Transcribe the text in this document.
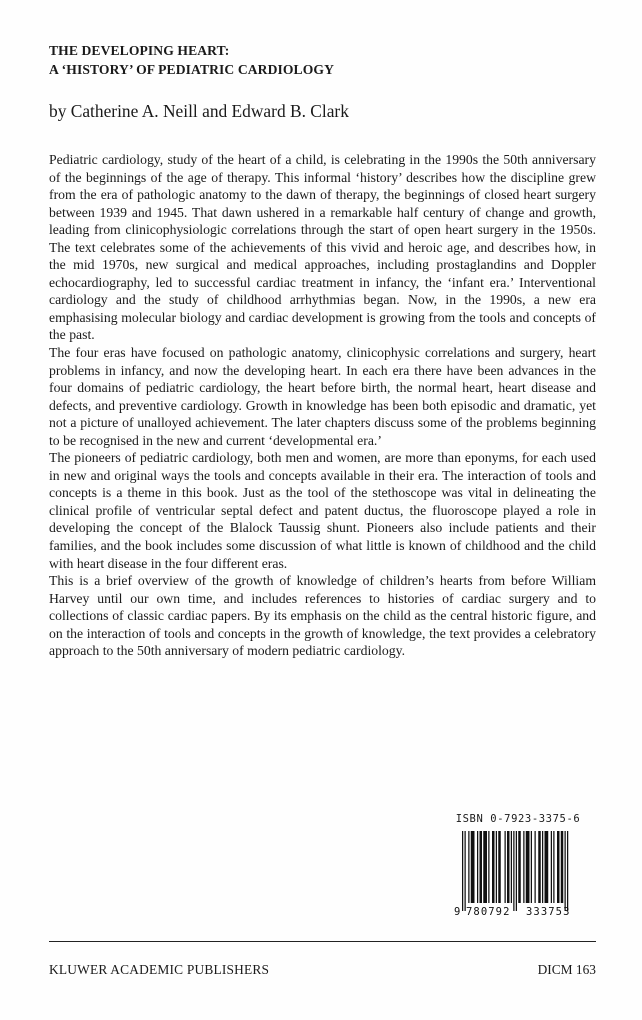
THE DEVELOPING HEART:
A ‘HISTORY’ OF PEDIATRIC CARDIOLOGY
by Catherine A. Neill and Edward B. Clark

Pediatric cardiology, study of the heart of a child, is celebrating in the 1990s the 50th anniversary of the beginnings of the age of therapy. This informal ‘history’ describes how the discipline grew from the era of pathologic anatomy to the dawn of therapy, the beginnings of closed heart surgery between 1939 and 1945. That dawn ushered in a remarkable half century of change and growth, leading from clinicophysiologic correlations through the start of open heart surgery in the 1950s. The text celebrates some of the achievements of this vivid and heroic age, and describes how, in the mid 1970s, new surgical and medical approaches, including prostaglandins and Doppler echocardiography, led to successful cardiac treatment in infancy, the ‘infant era.’ Interventional cardiology and the study of childhood arrhythmias began. Now, in the 1990s, a new era emphasising molecular biology and cardiac development is growing from the tools and concepts of the past.

The four eras have focused on pathologic anatomy, clinicophysic correlations and surgery, heart problems in infancy, and now the developing heart. In each era there have been advances in the four domains of pediatric cardiology, the heart before birth, the normal heart, heart disease and defects, and preventive cardiology. Growth in knowledge has been both episodic and dramatic, yet not a picture of unalloyed achievement. The later chapters discuss some of the problems beginning to be recognised in the new and current ‘developmental era.’

The pioneers of pediatric cardiology, both men and women, are more than eponyms, for each used in new and original ways the tools and concepts available in their era. The interaction of tools and concepts is a theme in this book. Just as the tool of the stethoscope was vital in delineating the clinical profile of ventricular septal defect and patent ductus, the fluoroscope played a role in developing the concept of the Blalock Taussig shunt. Pioneers also include patients and their families, and the book includes some discussion of what little is known of childhood and the child with heart disease in the four different eras.

This is a brief overview of the growth of knowledge of children’s hearts from before William Harvey until our own time, and includes references to histories of cardiac surgery and to collections of classic cardiac papers. By its emphasis on the child as the central historic figure, and on the interaction of tools and concepts in the growth of knowledge, the text provides a celebratory approach to the 50th anniversary of modern pediatric cardiology.

ISBN 0-7923-3375-6
9 780792 333753
KLUWER ACADEMIC PUBLISHERS	DICM 163
